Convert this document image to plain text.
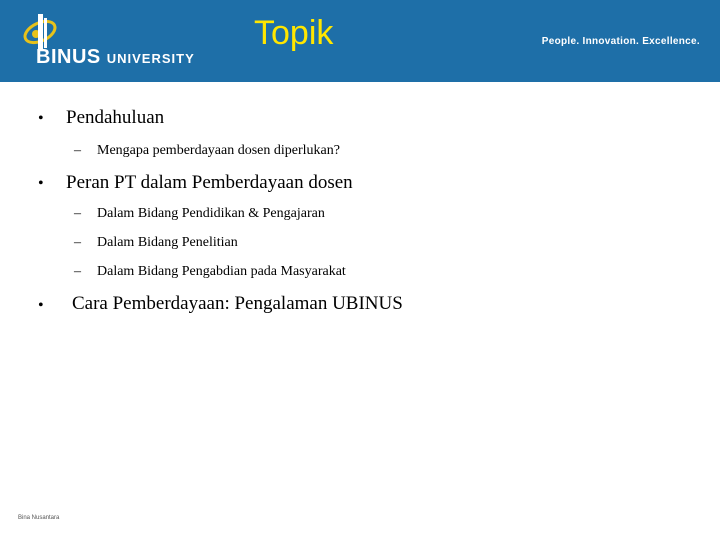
BINUS UNIVERSITY
Topik	People. Innovation. Excellence.
• Pendahuluan
– Mengapa pemberdayaan dosen diperlukan?
• Peran PT dalam Pemberdayaan dosen
– Dalam Bidang Pendidikan & Pengajaran
– Dalam Bidang Penelitian
– Dalam Bidang Pengabdian pada Masyarakat
• Cara Pemberdayaan: Pengalaman UBINUS
Bina Nusantara
